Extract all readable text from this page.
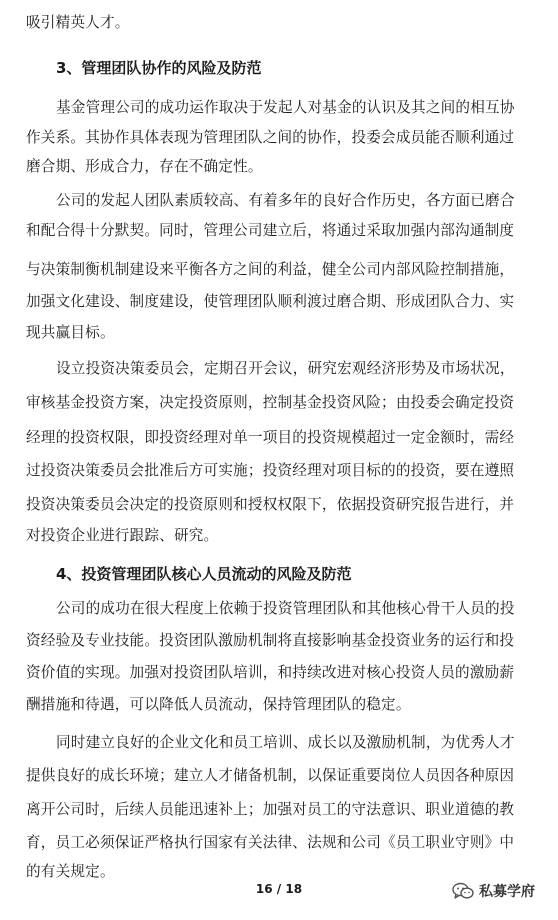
吸引精英人才。
3、管理团队协作的风险及防范
基金管理公司的成功运作取决于发起人对基金的认识及其之间的相互协
作关系。其协作具体表现为管理团队之间的协作，投委会成员能否顺利通过
磨合期、形成合力，存在不确定性。
公司的发起人团队素质较高、有着多年的良好合作历史，各方面已磨合
和配合得十分默契。同时，管理公司建立后，将通过采取加强内部沟通制度
与决策制衡机制建设来平衡各方之间的利益，健全公司内部风险控制措施，
加强文化建设、制度建设，使管理团队顺利渡过磨合期、形成团队合力、实
现共赢目标。
设立投资决策委员会，定期召开会议，研究宏观经济形势及市场状况，
审核基金投资方案，决定投资原则，控制基金投资风险；由投委会确定投资
经理的投资权限，即投资经理对单一项目的投资规模超过一定金额时，需经
过投资决策委员会批准后方可实施；投资经理对项目标的的投资，要在遵照
投资决策委员会决定的投资原则和授权权限下，依据投资研究报告进行，并
对投资企业进行跟踪、研究。
4、投资管理团队核心人员流动的风险及防范
公司的成功在很大程度上依赖于投资管理团队和其他核心骨干人员的投
资经验及专业技能。投资团队激励机制将直接影响基金投资业务的运行和投
资价值的实现。加强对投资团队培训，和持续改进对核心投资人员的激励薪
酬措施和待遇，可以降低人员流动，保持管理团队的稳定。
同时建立良好的企业文化和员工培训、成长以及激励机制，为优秀人才
提供良好的成长环境；建立人才储备机制，以保证重要岗位人员因各种原因
离开公司时，后续人员能迅速补上；加强对员工的守法意识、职业道德的教
育，员工必须保证严格执行国家有关法律、法规和公司《员工职业守则》中
的有关规定。
16 / 18	私募学府
